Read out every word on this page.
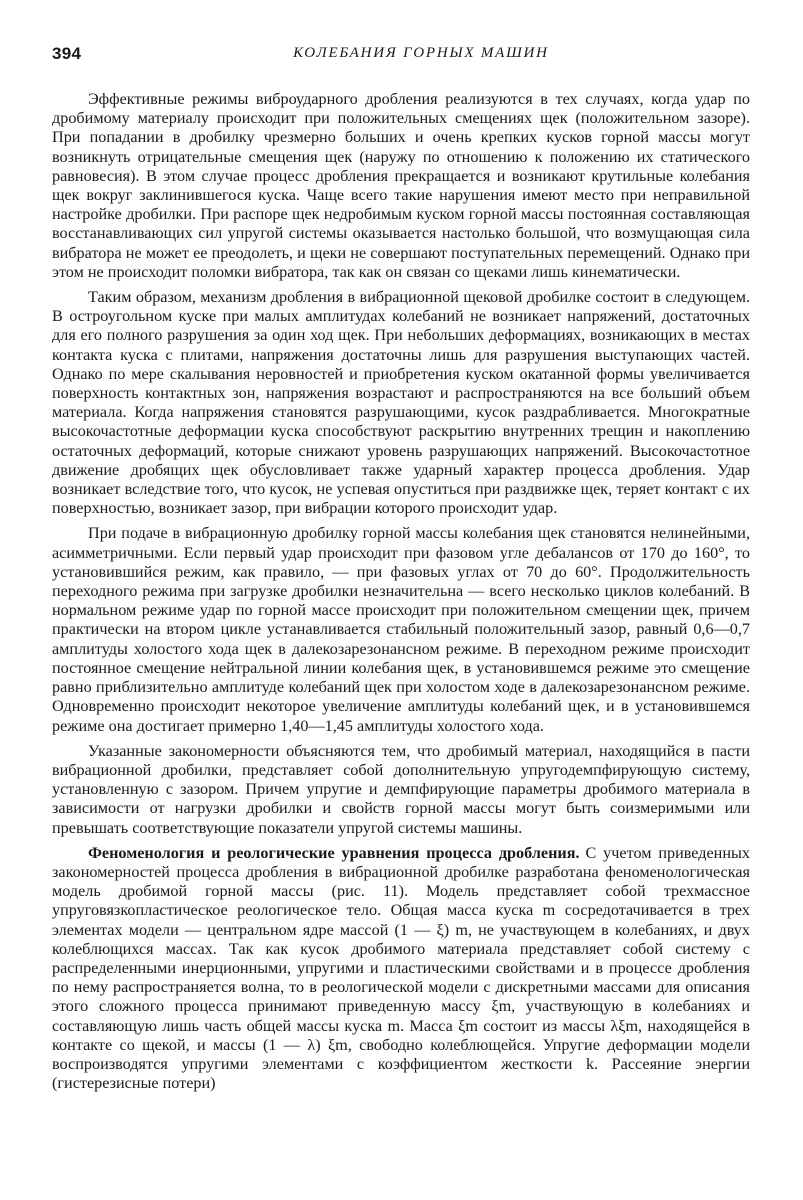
394	КОЛЕБАНИЯ ГОРНЫХ МАШИН

Эффективные режимы виброударного дробления реализуются в тех случаях, когда удар по дробимому материалу происходит при положительных смещениях щек (положительном зазоре). При попадании в дробилку чрезмерно больших и очень крепких кусков горной массы могут возникнуть отрицательные смещения щек (наружу по отношению к положению их статического равновесия). В этом случае процесс дробления прекращается и возникают крутильные колебания щек вокруг заклинившегося куска. Чаще всего такие нарушения имеют место при неправильной настройке дробилки. При распоре щек недробимым куском горной массы постоянная составляющая восстанавливающих сил упругой системы оказывается настолько большой, что возмущающая сила вибратора не может ее преодолеть, и щеки не совершают поступательных перемещений. Однако при этом не происходит поломки вибратора, так как он связан со щеками лишь кинематически.

Таким образом, механизм дробления в вибрационной щековой дробилке состоит в следующем. В остроугольном куске при малых амплитудах колебаний не возникает напряжений, достаточных для его полного разрушения за один ход щек. При небольших деформациях, возникающих в местах контакта куска с плитами, напряжения достаточны лишь для разрушения выступающих частей. Однако по мере скалывания неровностей и приобретения куском окатанной формы увеличивается поверхность контактных зон, напряжения возрастают и распространяются на все больший объем материала. Когда напряжения становятся разрушающими, кусок раздрабливается. Многократные высокочастотные деформации куска способствуют раскрытию внутренних трещин и накоплению остаточных деформаций, которые снижают уровень разрушающих напряжений. Высокочастотное движение дробящих щек обусловливает также ударный характер процесса дробления. Удар возникает вследствие того, что кусок, не успевая опуститься при раздвижке щек, теряет контакт с их поверхностью, возникает зазор, при вибрации которого происходит удар.

При подаче в вибрационную дробилку горной массы колебания щек становятся нелинейными, асимметричными. Если первый удар происходит при фазовом угле дебалансов от 170 до 160°, то установившийся режим, как правило, — при фазовых углах от 70 до 60°. Продолжительность переходного режима при загрузке дробилки незначительна — всего несколько циклов колебаний. В нормальном режиме удар по горной массе происходит при положительном смещении щек, причем практически на втором цикле устанавливается стабильный положительный зазор, равный 0,6—0,7 амплитуды холостого хода щек в далекозарезонансном режиме. В переходном режиме происходит постоянное смещение нейтральной линии колебания щек, в установившемся режиме это смещение равно приблизительно амплитуде колебаний щек при холостом ходе в далекозарезонансном режиме. Одновременно происходит некоторое увеличение амплитуды колебаний щек, и в установившемся режиме она достигает примерно 1,40—1,45 амплитуды холостого хода.

Указанные закономерности объясняются тем, что дробимый материал, находящийся в пасти вибрационной дробилки, представляет собой дополнительную упругодемпфирующую систему, установленную с зазором. Причем упругие и демпфирующие параметры дробимого материала в зависимости от нагрузки дробилки и свойств горной массы могут быть соизмеримыми или превышать соответствующие показатели упругой системы машины.

Феноменология и реологические уравнения процесса дробления. С учетом приведенных закономерностей процесса дробления в вибрационной дробилке разработана феноменологическая модель дробимой горной массы (рис. 11). Модель представляет собой трехмассное упруговязкопластическое реологическое тело. Общая масса куска m сосредотачивается в трех элементах модели — центральном ядре массой (1 — ξ) m, не участвующем в колебаниях, и двух колеблющихся массах. Так как кусок дробимого материала представляет собой систему с распределенными инерционными, упругими и пластическими свойствами и в процессе дробления по нему распространяется волна, то в реологической модели с дискретными массами для описания этого сложного процесса принимают приведенную массу ξm, участвующую в колебаниях и составляющую лишь часть общей массы куска m. Масса ξm состоит из массы λξm, находящейся в контакте со щекой, и массы (1 — λ) ξm, свободно колеблющейся. Упругие деформации модели воспроизводятся упругими элементами с коэффициентом жесткости k. Рассеяние энергии (гистерезисные потери)
